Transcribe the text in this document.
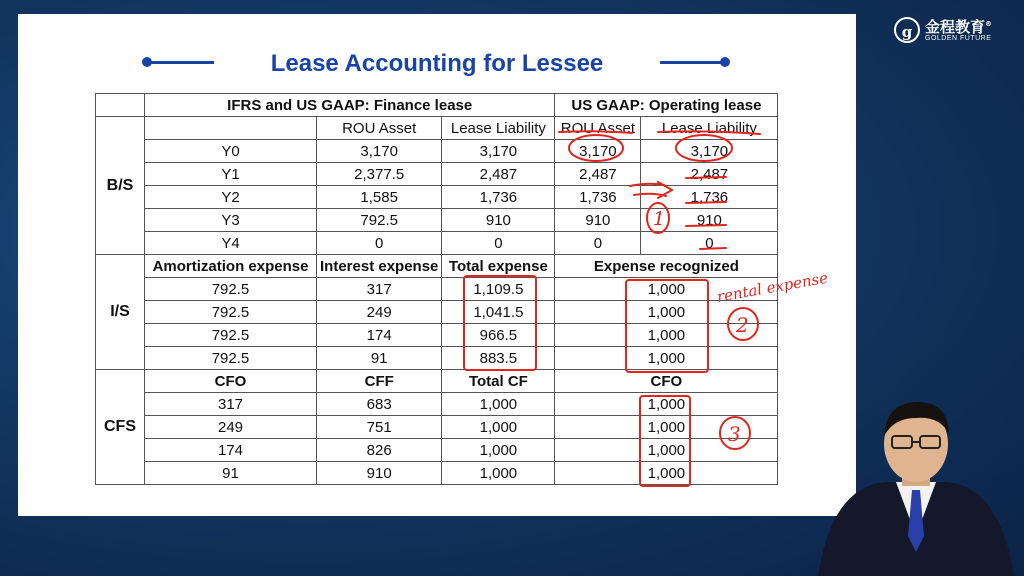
Lease Accounting for Lessee
	IFRS and US GAAP: Finance lease			US GAAP: Operating lease	
B/S		ROU Asset	Lease Liability	ROU Asset	Lease Liability
	Y0	3,170	3,170	3,170	3,170
	Y1	2,377.5	2,487	2,487	2,487
	Y2	1,585	1,736	1,736	1,736
	Y3	792.5	910	910	910
	Y4	0	0	0	0
I/S	Amortization expense	Interest expense	Total expense	Expense recognized	
	792.5	317	1,109.5	1,000	
	792.5	249	1,041.5	1,000	
	792.5	174	966.5	1,000	
	792.5	91	883.5	1,000	
CFS	CFO	CFF	Total CF	CFO	
	317	683	1,000	1,000	
	249	751	1,000	1,000	
	174	826	1,000	1,000	
	91	910	1,000	1,000	
1
2
3
rental expense
g 金程教育®
GOLDEN FUTURE
